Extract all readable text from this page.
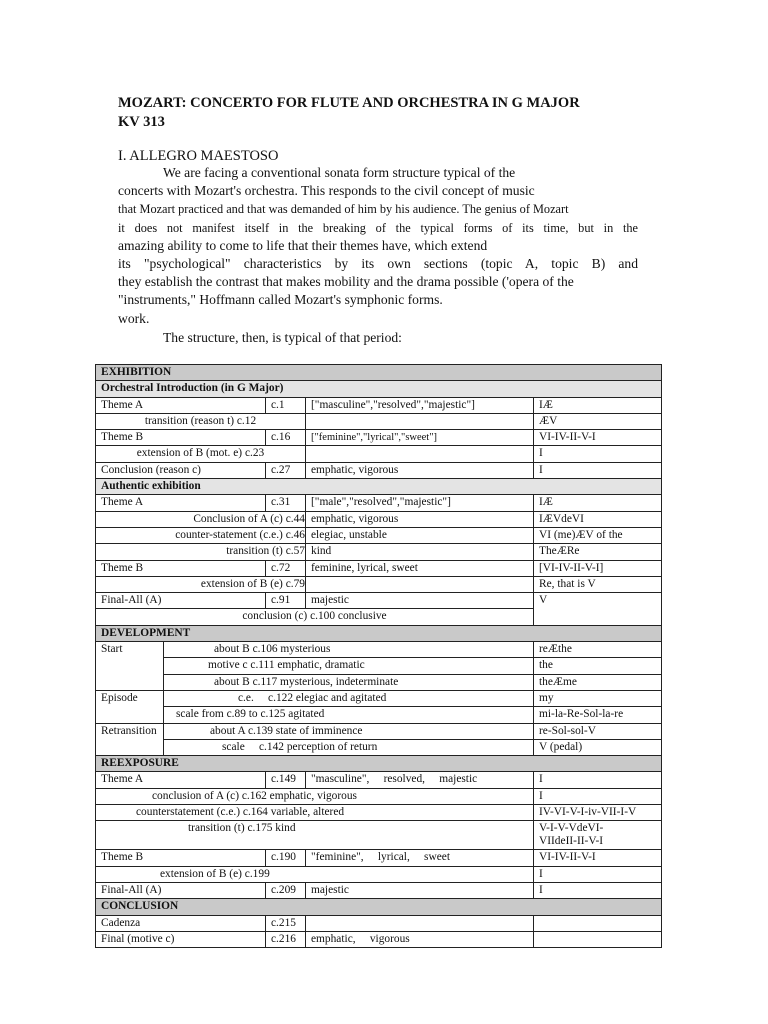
MOZART: CONCERTO FOR FLUTE AND ORCHESTRA IN G MAJOR
KV 313
I. ALLEGRO MAESTOSO
We are facing a conventional sonata form structure typical of the
concerts with Mozart's orchestra. This responds to the civil concept of music
that Mozart practiced and that was demanded of him by his audience. The genius of Mozart
it does not manifest itself in the breaking of the typical forms of its time, but in the
amazing ability to come to life that their themes have, which extend
its "psychological" characteristics by its own sections (topic A, topic B) and
they establish the contrast that makes mobility and the drama possible ('opera of the
"instruments," Hoffmann called Mozart's symphonic forms.
work.
The structure, then, is typical of that period:
EXHIBITION				
Orchestral Introduction (in G Major)				
Theme A		c.1	["masculine","resolved","majestic"]	IÆ
transition (reason t) c.12				ÆV
Theme B		c.16	["feminine","lyrical","sweet"]	VI-IV-II-V-I
extension of B (mot. e) c.23				I
Conclusion (reason c)		c.27	emphatic, vigorous	I
Authentic exhibition				
Theme A		c.31	["male","resolved","majestic"]	IÆ
Conclusion of A (c) c.44			emphatic, vigorous	IÆVdeVI
counter-statement (c.e.) c.46			elegiac, unstable	VI (me)ÆV of the
transition (t) c.57			kind	TheÆRe
Theme B		c.72	feminine, lyrical, sweet	[VI-IV-II-V-I]
extension of B (e) c.79				Re, that is V
Final-All (A)		c.91	majestic	V
conclusion (c) c.100 conclusive				
DEVELOPMENT				
Start	about B c.106 mysterious			reÆthe
	motive c c.111 emphatic, dramatic			the
	about B c.117 mysterious, indeterminate			theÆme
Episode	c.e.     c.122 elegiac and agitated			my
	scale from c.89 to c.125 agitated			mi-la-Re-Sol-la-re
Retransition	about A c.139 state of imminence			re-Sol-sol-V
	scale     c.142 perception of return			V (pedal)
REEXPOSURE				
Theme A		c.149	"masculine",     resolved,     majestic	I
conclusion of A (c) c.162 emphatic, vigorous				I
counterstatement (c.e.) c.164 variable, altered				IV-VI-V-I-iv-VII-I-V
transition (t) c.175 kind				V-I-V-VdeVI-
VIIdeII-II-V-I

Theme B		c.190	"feminine",     lyrical,     sweet	VI-IV-II-V-I
extension of B (e) c.199				I
Final-All (A)		c.209	majestic	I
CONCLUSION				
Cadenza		c.215		
Final (motive c)		c.216	emphatic,     vigorous	
